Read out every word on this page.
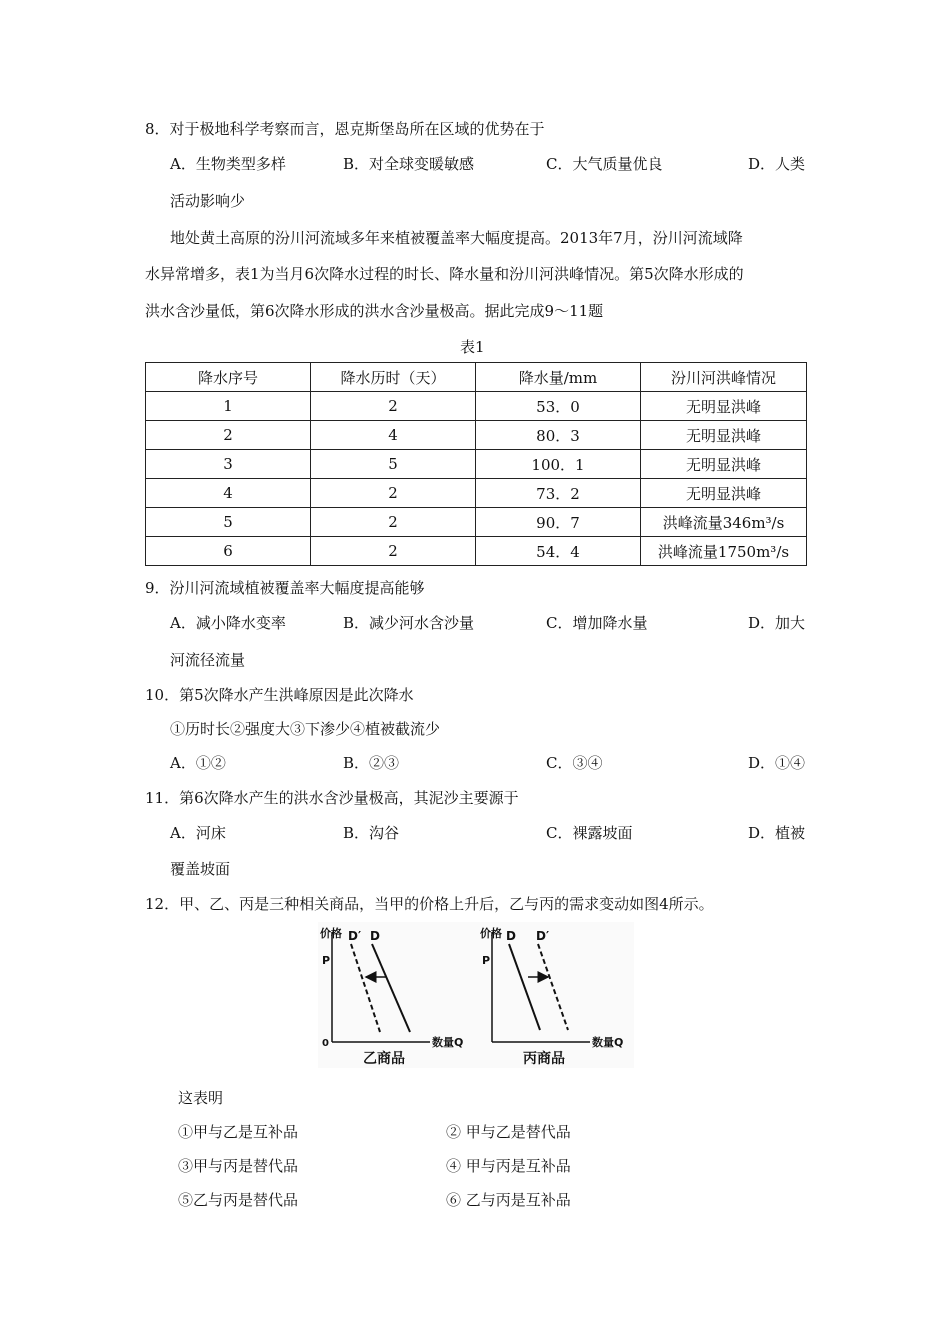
8．对于极地科学考察而言，恩克斯堡岛所在区域的优势在于
A．生物类型多样	B．对全球变暖敏感	C．大气质量优良	D．人类
活动影响少
地处黄土高原的汾川河流域多年来植被覆盖率大幅度提高。2013年7月，汾川河流域降
水异常增多，表1为当月6次降水过程的时长、降水量和汾川河洪峰情况。第5次降水形成的
洪水含沙量低，第6次降水形成的洪水含沙量极高。据此完成9～11题
表1
降水序号	降水历时（天）	降水量/mm	汾川河洪峰情况
1	2	53．0	无明显洪峰
2	4	80．3	无明显洪峰
3	5	100．1	无明显洪峰
4	2	73．2	无明显洪峰
5	2	90．7	洪峰流量346m³/s
6	2	54．4	洪峰流量1750m³/s
9．汾川河流域植被覆盖率大幅度提高能够
A．减小降水变率	B．减少河水含沙量	C．增加降水量	D．加大
河流径流量
10．第5次降水产生洪峰原因是此次降水
①历时长②强度大③下渗少④植被截流少
A．①②	B．②③	C．③④	D．①④
11．第6次降水产生的洪水含沙量极高，其泥沙主要源于
A．河床	B．沟谷	C．裸露坡面	D．植被
覆盖坡面
12．甲、乙、丙是三种相关商品，当甲的价格上升后，乙与丙的需求变动如图4所示。
价格
P
0	数量Q
D′ D
乙商品
价格
P
数量Q
D D′
丙商品
这表明
①甲与乙是互补品	② 甲与乙是替代品
③甲与丙是替代品	④ 甲与丙是互补品
⑤乙与丙是替代品	⑥ 乙与丙是互补品
